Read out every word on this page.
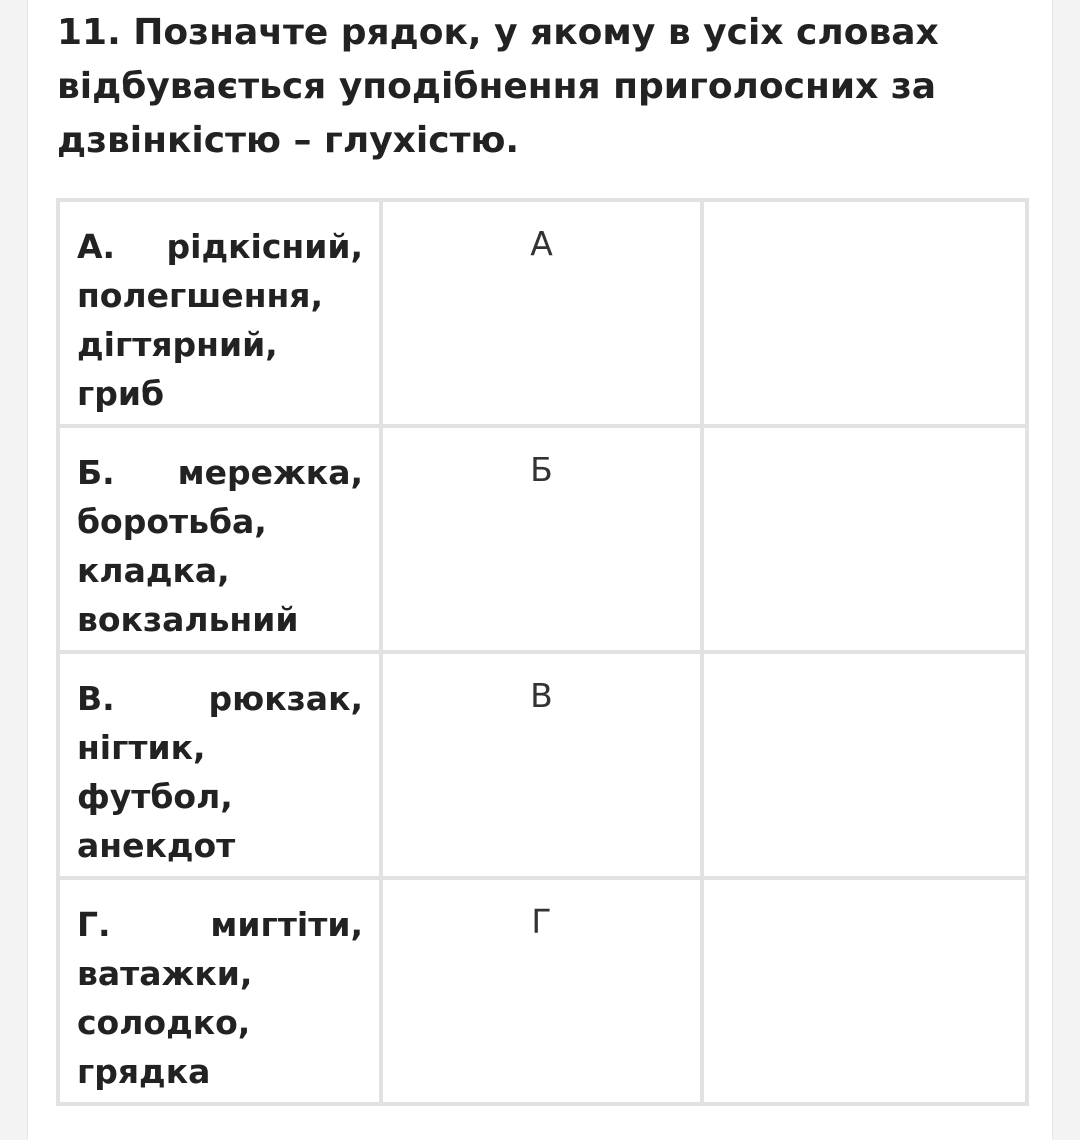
11. Позначте рядок, у якому в усіх словах відбувається уподібнення приголосних за дзвінкістю – глухістю.

А. рідкісний, полегшення, дігтярний, гриб	А	

Б. мережка, боротьба, кладка, вокзальний	Б	

В. рюкзак, нігтик, футбол, анекдот	В	

Г. мигтіти, ватажки, солодко, грядка	Г	
